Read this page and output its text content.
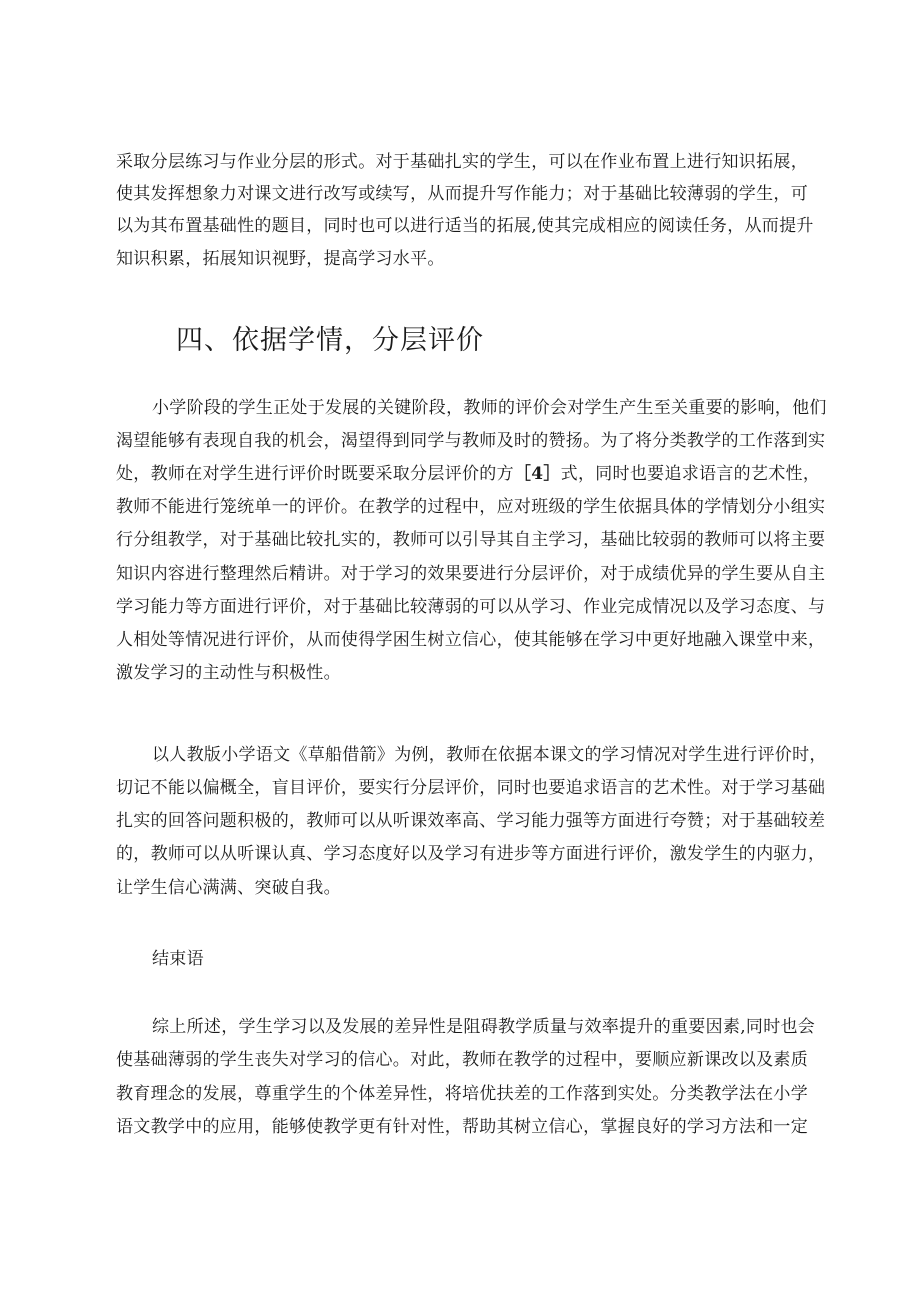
采取分层练习与作业分层的形式。对于基础扎实的学生，可以在作业布置上进行知识拓展，
使其发挥想象力对课文进行改写或续写，从而提升写作能力；对于基础比较薄弱的学生，可
以为其布置基础性的题目，同时也可以进行适当的拓展,使其完成相应的阅读任务，从而提升
知识积累，拓展知识视野，提高学习水平。
四、依据学情，分层评价
小学阶段的学生正处于发展的关键阶段，教师的评价会对学生产生至关重要的影响，他们
渴望能够有表现自我的机会，渴望得到同学与教师及时的赞扬。为了将分类教学的工作落到实
处，教师在对学生进行评价时既要采取分层评价的方［4］式，同时也要追求语言的艺术性，
教师不能进行笼统单一的评价。在教学的过程中，应对班级的学生依据具体的学情划分小组实
行分组教学，对于基础比较扎实的，教师可以引导其自主学习，基础比较弱的教师可以将主要
知识内容进行整理然后精讲。对于学习的效果要进行分层评价，对于成绩优异的学生要从自主
学习能力等方面进行评价，对于基础比较薄弱的可以从学习、作业完成情况以及学习态度、与
人相处等情况进行评价，从而使得学困生树立信心，使其能够在学习中更好地融入课堂中来，
激发学习的主动性与积极性。
以人教版小学语文《草船借箭》为例，教师在依据本课文的学习情况对学生进行评价时，
切记不能以偏概全，盲目评价，要实行分层评价，同时也要追求语言的艺术性。对于学习基础
扎实的回答问题积极的，教师可以从听课效率高、学习能力强等方面进行夸赞；对于基础较差
的，教师可以从听课认真、学习态度好以及学习有进步等方面进行评价，激发学生的内驱力，
让学生信心满满、突破自我。
结束语
综上所述，学生学习以及发展的差异性是阻碍教学质量与效率提升的重要因素,同时也会
使基础薄弱的学生丧失对学习的信心。对此，教师在教学的过程中，要顺应新课改以及素质
教育理念的发展，尊重学生的个体差异性，将培优扶差的工作落到实处。分类教学法在小学
语文教学中的应用，能够使教学更有针对性，帮助其树立信心，掌握良好的学习方法和一定
